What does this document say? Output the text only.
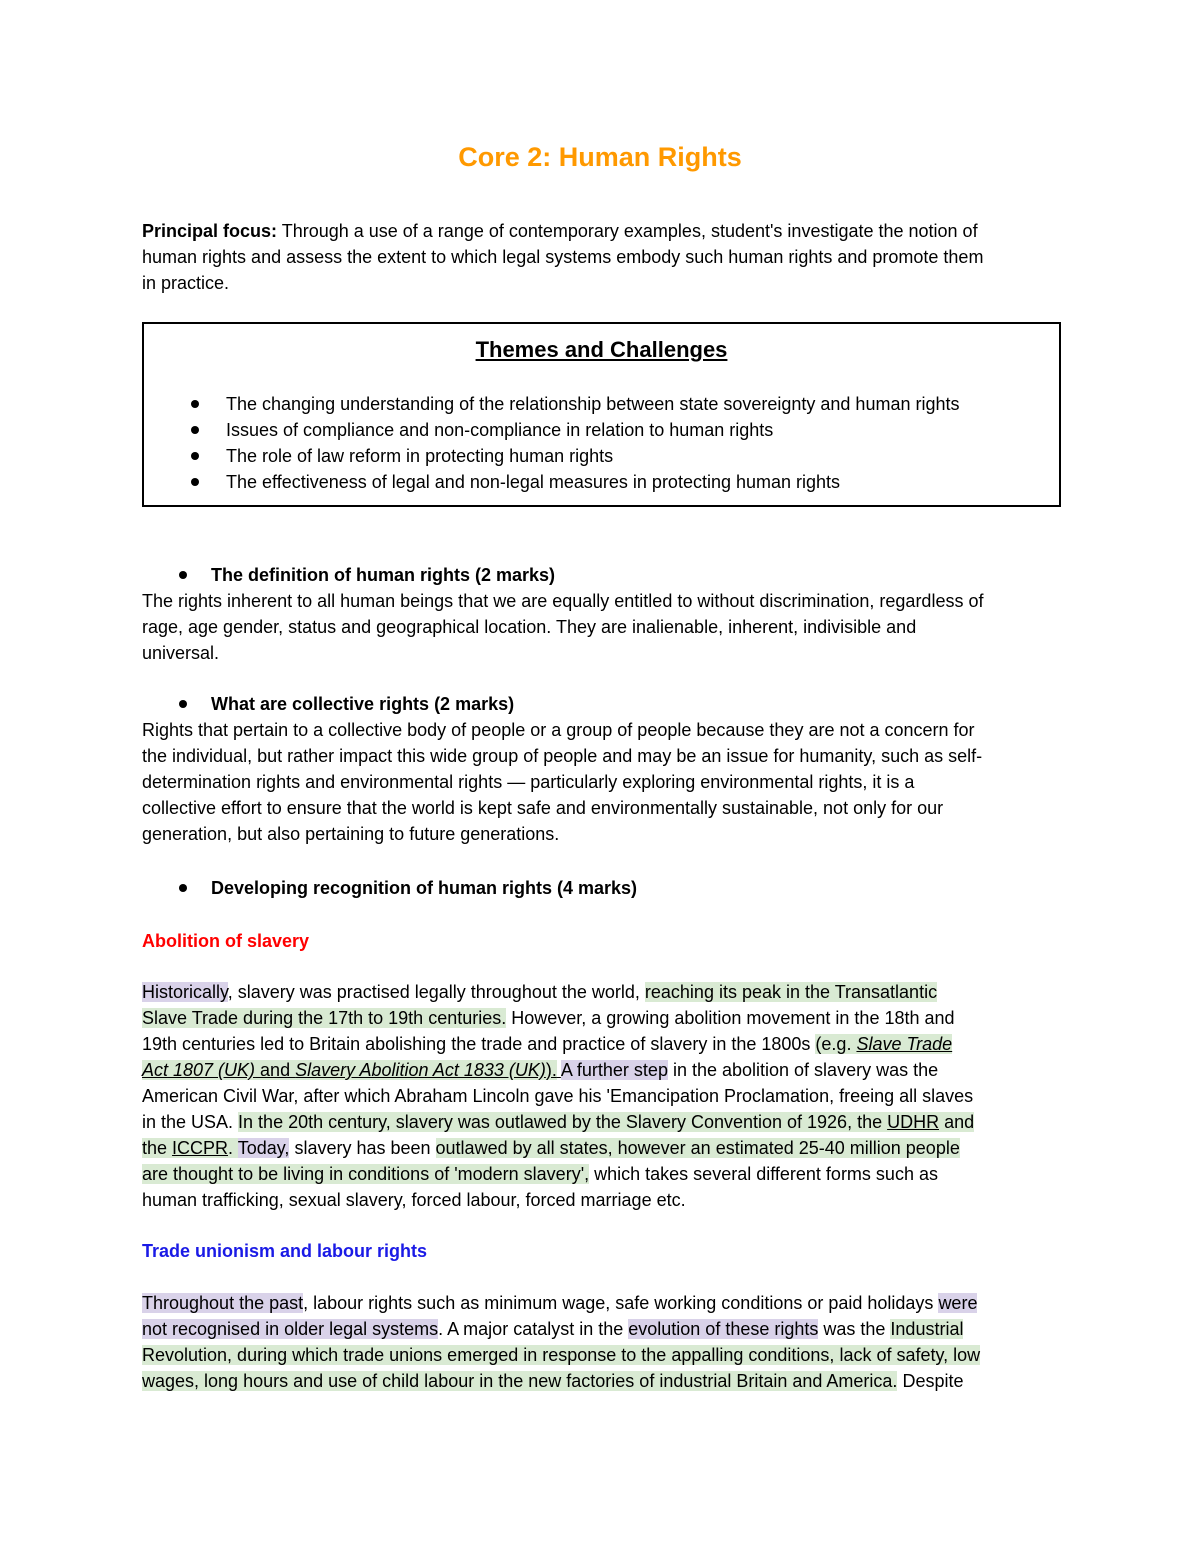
Core 2: Human Rights
Principal focus: Through a use of a range of contemporary examples, student's investigate the notion of
human rights and assess the extent to which legal systems embody such human rights and promote them
in practice.
Themes and Challenges
The changing understanding of the relationship between state sovereignty and human rights
Issues of compliance and non-compliance in relation to human rights
The role of law reform in protecting human rights
The effectiveness of legal and non-legal measures in protecting human rights
The definition of human rights (2 marks)
The rights inherent to all human beings that we are equally entitled to without discrimination, regardless of
rage, age gender, status and geographical location. They are inalienable, inherent, indivisible and
universal.
What are collective rights (2 marks)
Rights that pertain to a collective body of people or a group of people because they are not a concern for
the individual, but rather impact this wide group of people and may be an issue for humanity, such as self-
determination rights and environmental rights — particularly exploring environmental rights, it is a
collective effort to ensure that the world is kept safe and environmentally sustainable, not only for our
generation, but also pertaining to future generations.
Developing recognition of human rights (4 marks)
Abolition of slavery
Historically, slavery was practised legally throughout the world, reaching its peak in the Transatlantic
Slave Trade during the 17th to 19th centuries. However, a growing abolition movement in the 18th and
19th centuries led to Britain abolishing the trade and practice of slavery in the 1800s (e.g. Slave Trade
Act 1807 (UK) and Slavery Abolition Act 1833 (UK)). A further step in the abolition of slavery was the
American Civil War, after which Abraham Lincoln gave his 'Emancipation Proclamation, freeing all slaves
in the USA. In the 20th century, slavery was outlawed by the Slavery Convention of 1926, the UDHR and
the ICCPR. Today, slavery has been outlawed by all states, however an estimated 25-40 million people
are thought to be living in conditions of 'modern slavery', which takes several different forms such as
human trafficking, sexual slavery, forced labour, forced marriage etc.
Trade unionism and labour rights
Throughout the past, labour rights such as minimum wage, safe working conditions or paid holidays were
not recognised in older legal systems. A major catalyst in the evolution of these rights was the Industrial
Revolution, during which trade unions emerged in response to the appalling conditions, lack of safety, low
wages, long hours and use of child labour in the new factories of industrial Britain and America. Despite
